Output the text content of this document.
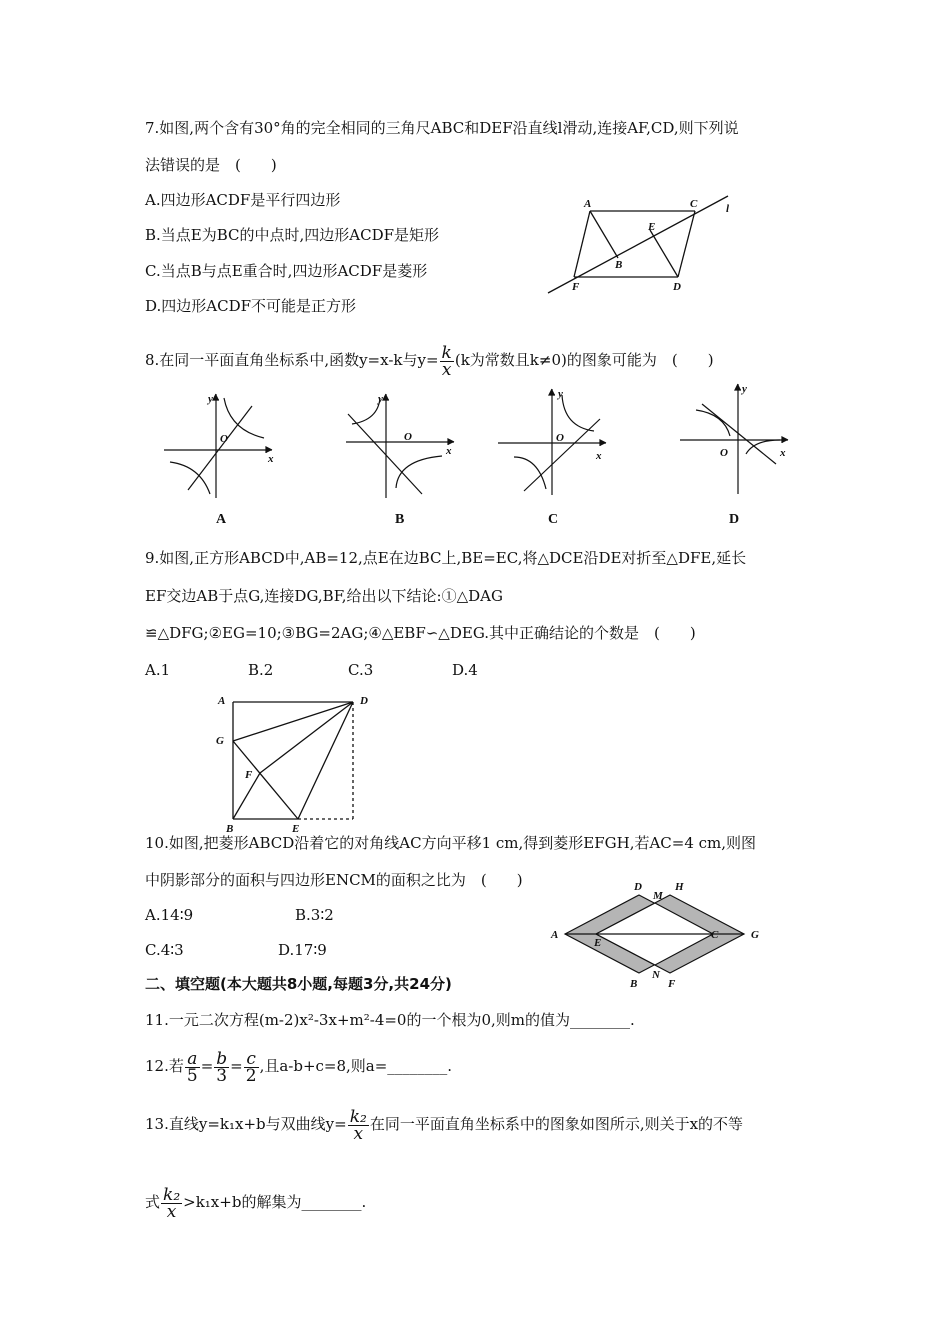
7.如图,两个含有30°角的完全相同的三角尺ABC和DEF沿直线l滑动,连接AF,CD,则下列说
法错误的是　(　　)
A.四边形ACDF是平行四边形
B.当点E为BC的中点时,四边形ACDF是矩形
C.当点B与点E重合时,四边形ACDF是菱形
D.四边形ACDF不可能是正方形
A	C	l
E
B
F	D
8.在同一平面直角坐标系中,函数y=x-k与$y= \frac{k}{x} (k$为常数且k≠0)的图象可能为　(　　)
y
O
x
A
y
O
x
B
y
O
x
C
y
O	x
D
9.如图,正方形ABCD中,AB=12,点E在边BC上,BE=EC,将△DCE沿DE对折至△DFE,延长
EF交边AB于点G,连接DG,BF,给出以下结论:①△DAG
≌△DFG;②EG=10;③BG=2AG;④△EBF∽△DEG.其中正确结论的个数是　(　　)
A.1	B.2	C.3	D.4
A	D
G
F
B	E
10.如图,把菱形ABCD沿着它的对角线AC方向平移1 cm,得到菱形EFGH,若AC=4 cm,则图
中阴影部分的面积与四边形ENCM的面积之比为　(　　)
A.14∶9	B.3∶2
C.4∶3	D.17∶9
D
M
H
A
E
C	G
N
B	F
二、填空题(本大题共8小题,每题3分,共24分)
11.一元二次方程(m-2)x²-3x+m²-4=0的一个根为0,则m的值为________.
12.若 $\frac{a}{5} = \frac{b}{3} = \frac{c}{2}$ ,且a-b+c=8,则a=________.
13.直线y=k₁x+b与双曲线$y= \frac{\text{k₂}}{x}$ 在同一平面直角坐标系中的图象如图所示,则关于x的不等
式 $\frac{\text{k₂}}{x} >k_1x+b$的解集为________.
